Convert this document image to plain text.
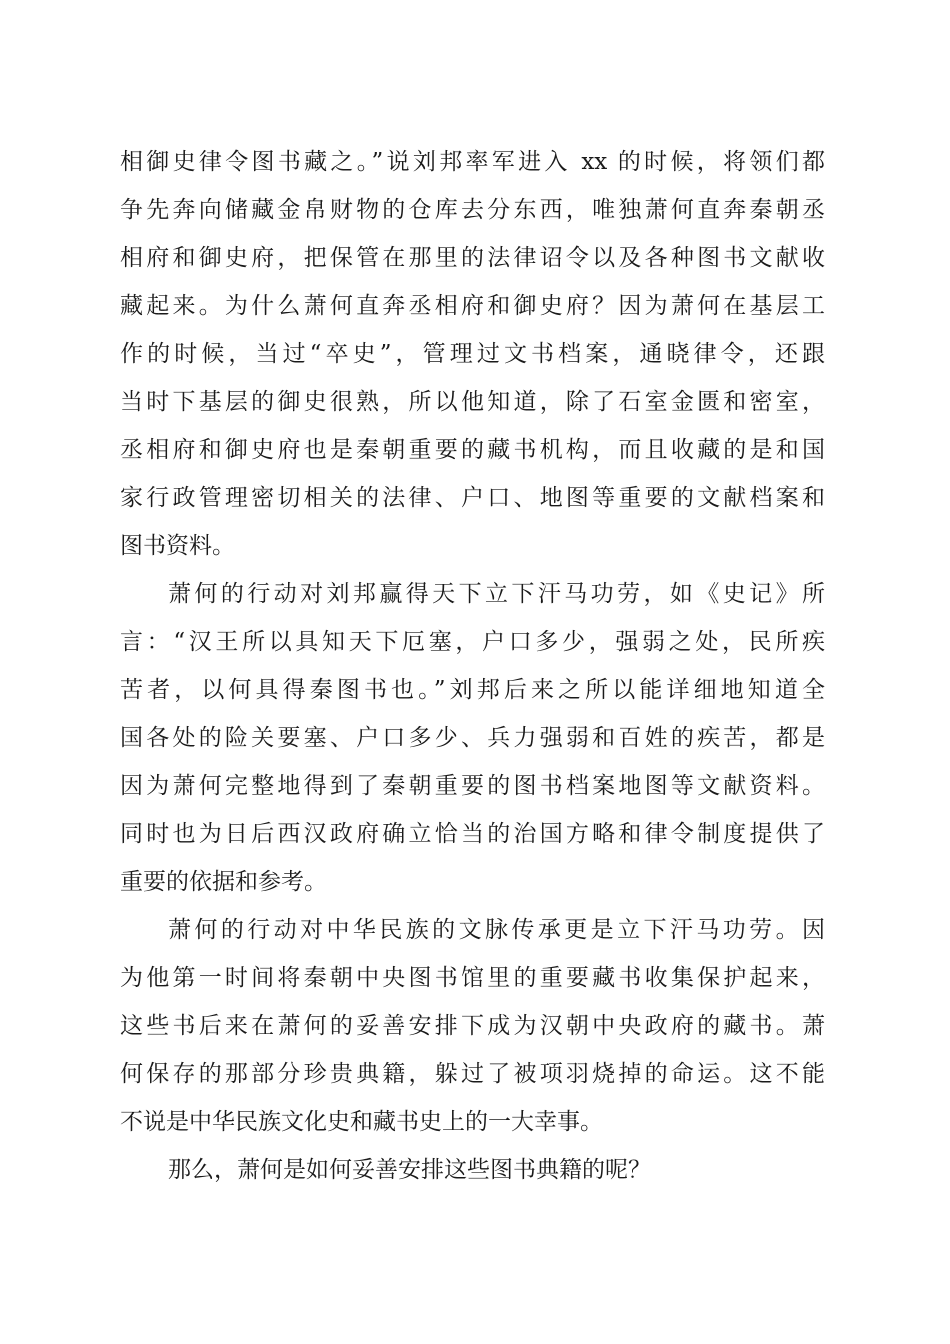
相御史律令图书藏之。”说刘邦率军进入 xx 的时候，将领们都
争先奔向储藏金帛财物的仓库去分东西，唯独萧何直奔秦朝丞
相府和御史府，把保管在那里的法律诏令以及各种图书文献收
藏起来。为什么萧何直奔丞相府和御史府？因为萧何在基层工
作的时候，当过“卒史”，管理过文书档案，通晓律令，还跟
当时下基层的御史很熟，所以他知道，除了石室金匮和密室，
丞相府和御史府也是秦朝重要的藏书机构，而且收藏的是和国
家行政管理密切相关的法律、户口、地图等重要的文献档案和
图书资料。
萧何的行动对刘邦赢得天下立下汗马功劳，如《史记》所
言：“汉王所以具知天下厄塞，户口多少，强弱之处，民所疾
苦者，以何具得秦图书也。”刘邦后来之所以能详细地知道全
国各处的险关要塞、户口多少、兵力强弱和百姓的疾苦，都是
因为萧何完整地得到了秦朝重要的图书档案地图等文献资料。
同时也为日后西汉政府确立恰当的治国方略和律令制度提供了
重要的依据和参考。
萧何的行动对中华民族的文脉传承更是立下汗马功劳。因
为他第一时间将秦朝中央图书馆里的重要藏书收集保护起来，
这些书后来在萧何的妥善安排下成为汉朝中央政府的藏书。萧
何保存的那部分珍贵典籍，躲过了被项羽烧掉的命运。这不能
不说是中华民族文化史和藏书史上的一大幸事。
那么，萧何是如何妥善安排这些图书典籍的呢？
